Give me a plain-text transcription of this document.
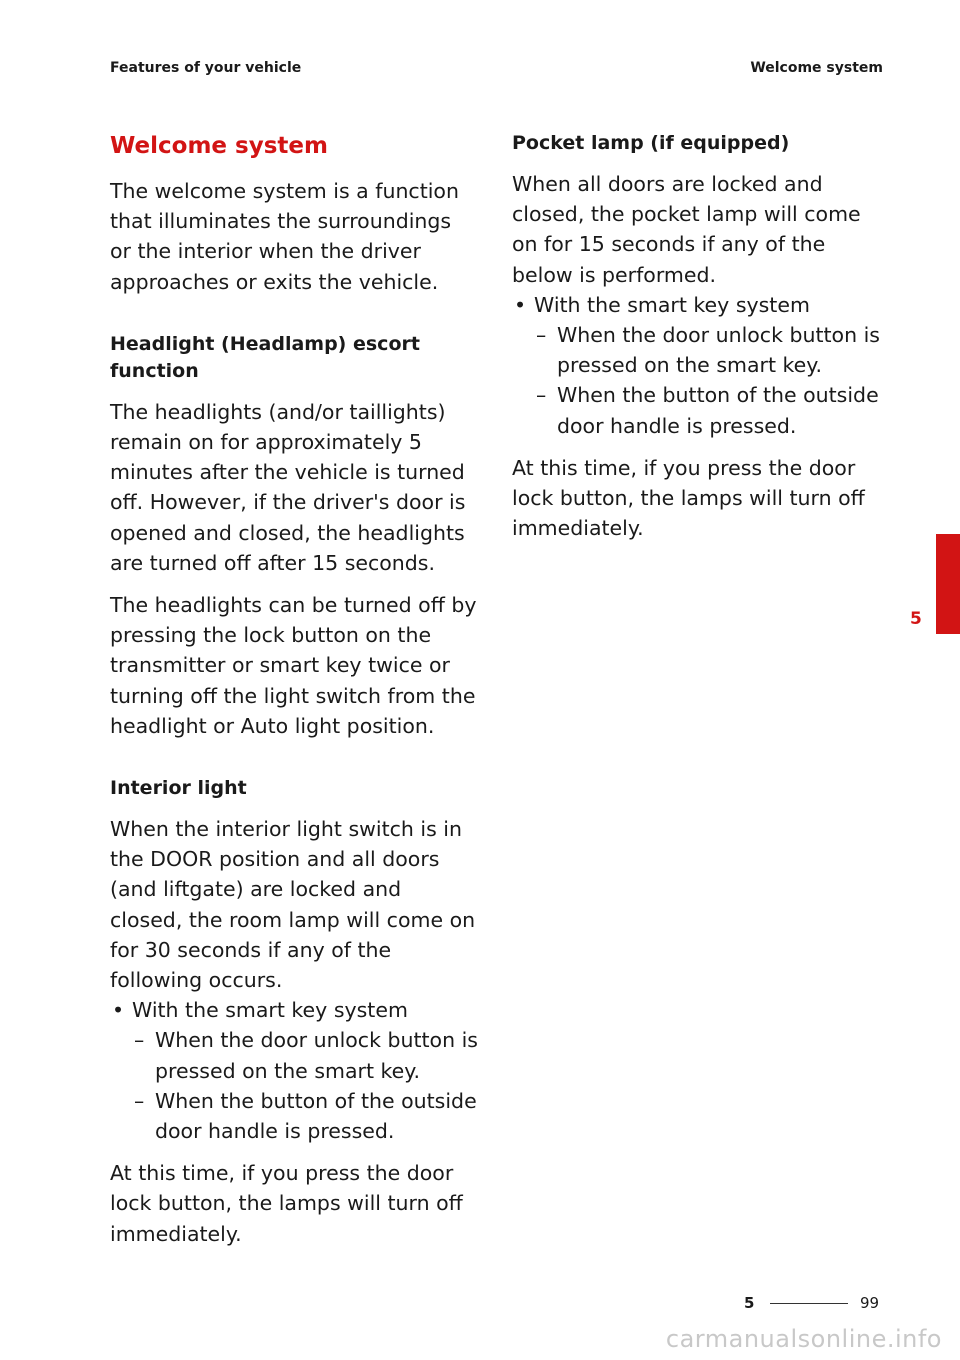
Features of your vehicle	Welcome system
Welcome system
The welcome system is a function that illuminates the surroundings or the interior when the driver approaches or exits the vehicle.
Headlight (Headlamp) escort function
The headlights (and/or taillights) remain on for approximately 5 minutes after the vehicle is turned off. However, if the driver's door is opened and closed, the headlights are turned off after 15 seconds.
The headlights can be turned off by pressing the lock button on the transmitter or smart key twice or turning off the light switch from the headlight or Auto light position.
Interior light
When the interior light switch is in the DOOR position and all doors (and liftgate) are locked and closed, the room lamp will come on for 30 seconds if any of the following occurs.
• With the smart key system
– When the door unlock button is pressed on the smart key.
– When the button of the outside door handle is pressed.
At this time, if you press the door lock button, the lamps will turn off immediately.
Pocket lamp (if equipped)
When all doors are locked and closed, the pocket lamp will come on for 15 seconds if any of the below is performed.
• With the smart key system
– When the door unlock button is pressed on the smart key.
– When the button of the outside door handle is pressed.
At this time, if you press the door lock button, the lamps will turn off immediately.
5
5	99
carmanualsonline.info
